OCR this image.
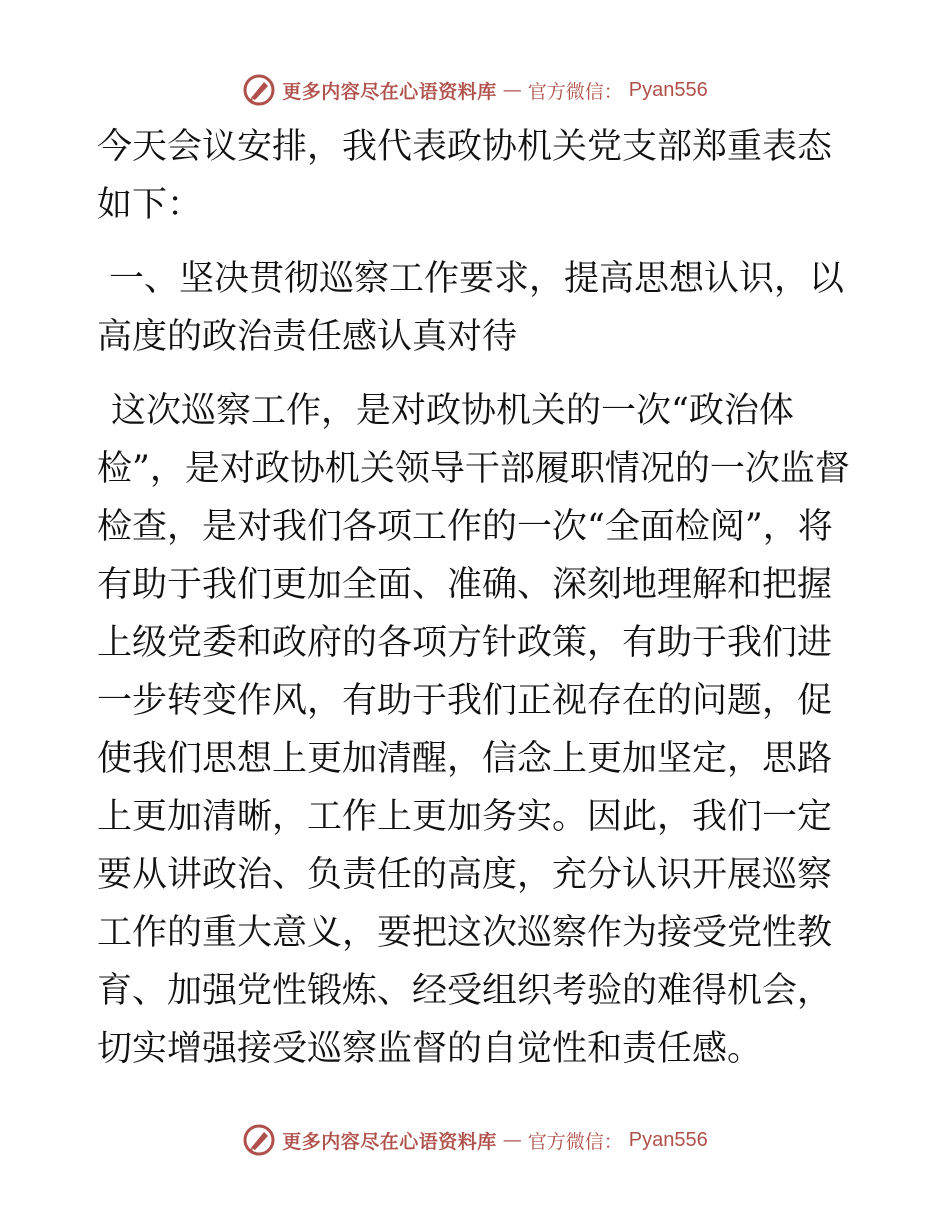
更多内容尽在心语资料库 — 官方微信： Pyan556

今天会议安排，我代表政协机关党支部郑重表态如下：

一、坚决贯彻巡察工作要求，提高思想认识，以高度的政治责任感认真对待

这次巡察工作，是对政协机关的一次“政治体检”，是对政协机关领导干部履职情况的一次监督检查，是对我们各项工作的一次“全面检阅”，将有助于我们更加全面、准确、深刻地理解和把握上级党委和政府的各项方针政策，有助于我们进一步转变作风，有助于我们正视存在的问题，促使我们思想上更加清醒，信念上更加坚定，思路上更加清晰，工作上更加务实。因此，我们一定要从讲政治、负责任的高度，充分认识开展巡察工作的重大意义，要把这次巡察作为接受党性教育、加强党性锻炼、经受组织考验的难得机会，切实增强接受巡察监督的自觉性和责任感。

更多内容尽在心语资料库 — 官方微信： Pyan556
